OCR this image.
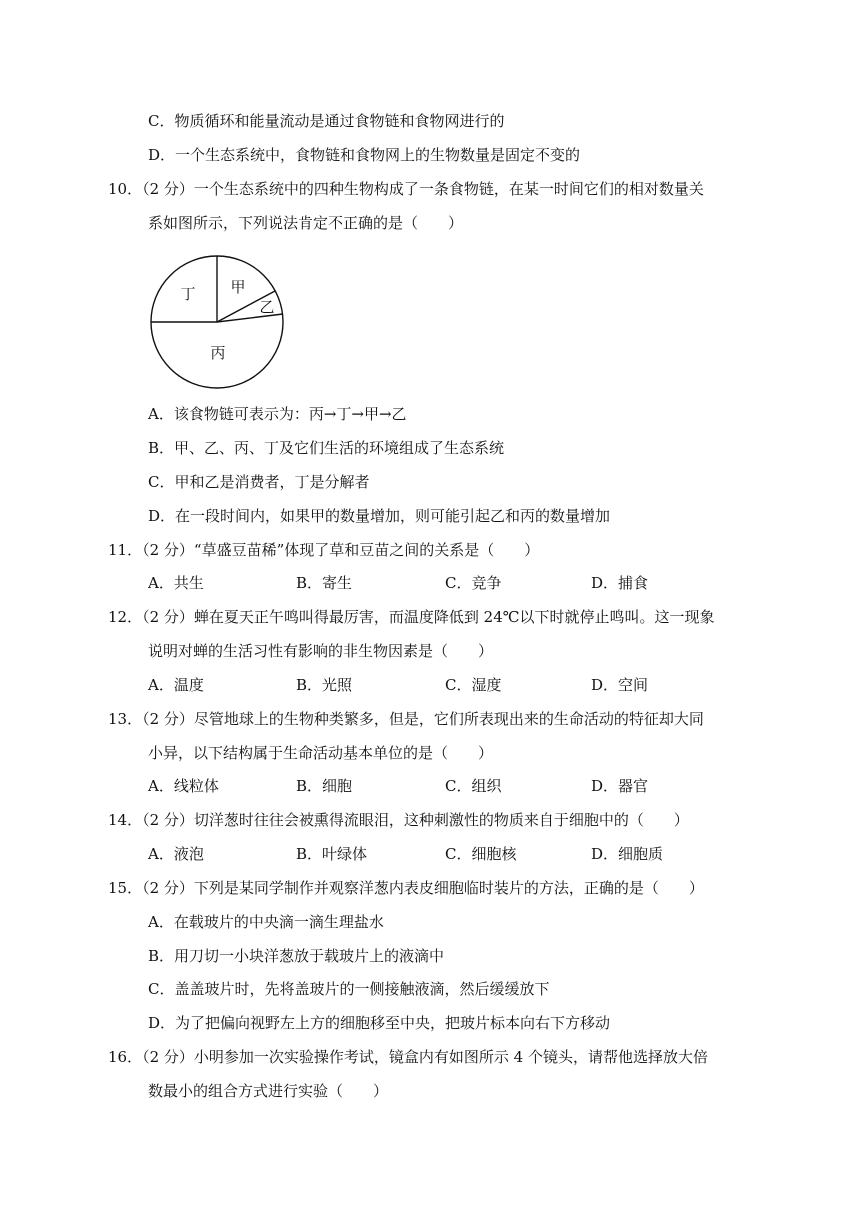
C．物质循环和能量流动是通过食物链和食物网进行的
D．一个生态系统中，食物链和食物网上的生物数量是固定不变的
10．（2 分）一个生态系统中的四种生物构成了一条食物链，在某一时间它们的相对数量关
系如图所示，下列说法肯定不正确的是（　　）
丁 甲
乙
丙
A．该食物链可表示为：丙→丁→甲→乙
B．甲、乙、丙、丁及它们生活的环境组成了生态系统
C．甲和乙是消费者，丁是分解者
D．在一段时间内，如果甲的数量增加，则可能引起乙和丙的数量增加
11．（2 分）“草盛豆苗稀”体现了草和豆苗之间的关系是（　　）
A．共生	B．寄生	C．竞争	D．捕食
12．（2 分）蝉在夏天正午鸣叫得最厉害，而温度降低到 24℃以下时就停止鸣叫。这一现象
说明对蝉的生活习性有影响的非生物因素是（　　）
A．温度	B．光照	C．湿度	D．空间
13．（2 分）尽管地球上的生物种类繁多，但是，它们所表现出来的生命活动的特征却大同
小异，以下结构属于生命活动基本单位的是（　　）
A．线粒体	B．细胞	C．组织	D．器官
14．（2 分）切洋葱时往往会被熏得流眼泪，这种刺激性的物质来自于细胞中的（　　）
A．液泡	B．叶绿体	C．细胞核	D．细胞质
15．（2 分）下列是某同学制作并观察洋葱内表皮细胞临时装片的方法，正确的是（　　）
A．在载玻片的中央滴一滴生理盐水
B．用刀切一小块洋葱放于载玻片上的液滴中
C．盖盖玻片时，先将盖玻片的一侧接触液滴，然后缓缓放下
D．为了把偏向视野左上方的细胞移至中央，把玻片标本向右下方移动
16．（2 分）小明参加一次实验操作考试，镜盒内有如图所示 4 个镜头，请帮他选择放大倍
数最小的组合方式进行实验（　　）
